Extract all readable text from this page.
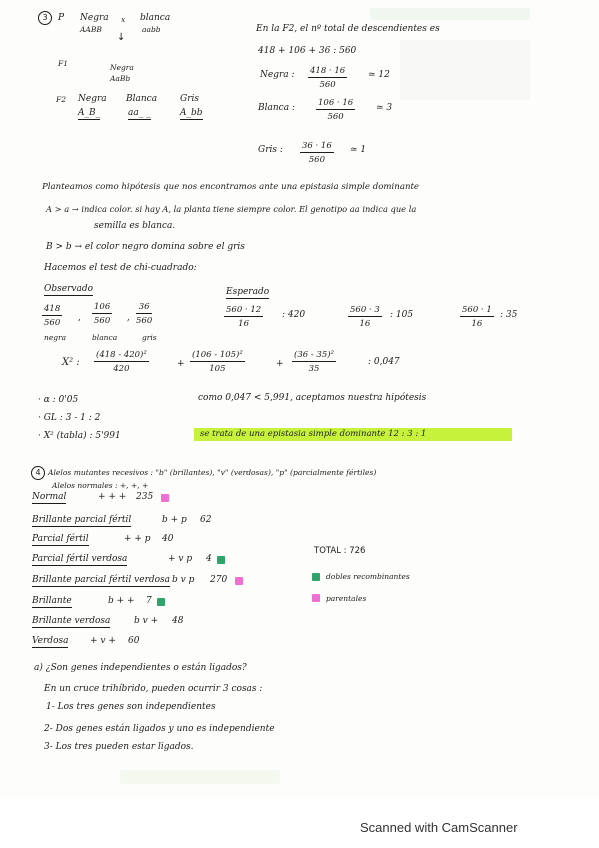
3	P Negra
AABB
x blanca
aabb
↓
F1	Negra
AaBb
F2 Negra
A_B_
Blanca
aa_ _
Gris
A_bb
En la F2, el nº total de descendientes es
418 + 106 + 36 : 560
Negra : $\frac{418 \cdot 16}{560}$ ≃ 12
Blanca : $\frac{106 \cdot 16}{560}$ ≃ 3
Gris : $\frac{36 \cdot 16}{560}$ ≃ 1
Planteamos como hipótesis que nos encontramos ante una epistasia simple dominante
A > a → indica color. si hay A, la planta tiene siempre color. El genotipo aa indica que la
semilla es blanca.
B > b → el color negro domina sobre el gris
Hacemos el test de chi-cuadrado:
Observado
$\frac{418}{560}$ , $\frac{106}{560}$ , $\frac{36}{560}$
negra	blanca	gris
Esperado
$\frac{560 \cdot 12}{16}$ : 420	$\frac{560 \cdot 3}{16}$ : 105	$\frac{560 \cdot 1}{16}$ : 35
X² : $\frac{\text{(418 - 420)²}}{420}$	+ $\frac{\text{(106 - 105)²}}{105}$	+ $\frac{\text{(36 - 35)²}}{35}$	: 0,047
· α : 0'05
· GL : 3 - 1 : 2
· X² (tabla) : 5'991
como 0,047 < 5,991, aceptamos nuestra hipótesis
se trata de una epistasia simple dominante 12 : 3 : 1
4 Alelos mutantes recesivos : "b" (brillantes), "v" (verdosas), "p" (parcialmente fértiles)
Alelos normales : +, +, +
Normal	+ + + 235
Brillante parcial fértil	b + p 62
Parcial fértil	+ + p 40
Parcial fértil verdosa	+ v p 4
Brillante parcial fértil verdosa b v p 270
Brillante	b + + 7
Brillante verdosa	b v + 48
Verdosa + v + 60
TOTAL : 726
dobles recombinantes
parentales
a) ¿Son genes independientes o están ligados?
En un cruce trihíbrido, pueden ocurrir 3 cosas :
1- Los tres genes son independientes
2- Dos genes están ligados y uno es independiente
3- Los tres pueden estar ligados.
Scanned with CamScanner
